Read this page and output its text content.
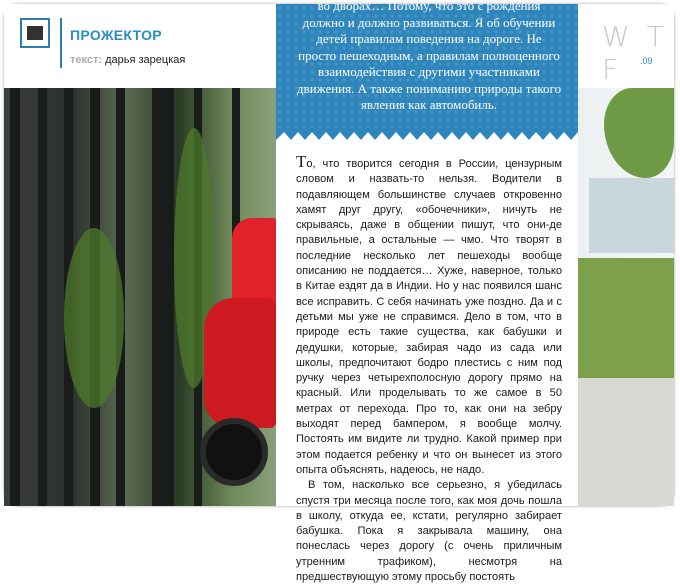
ПРОЖЕКТОР
текст: дарья зарецкая
W T F	.09
во дворах… Потому, что это с рождения должно и должно развиваться. Я об обучении детей правилам поведения на дороге. Не просто пешеходным, а правилам полноценного взаимодействия с другими участниками движения. А также пониманию природы такого явления как автомобиль.

То, что творится сегодня в России, цензурным словом и назвать-то нельзя. Водители в подавляющем большинстве случаев откровенно хамят друг другу, «обочечники», ничуть не скрываясь, даже в общении пишут, что они-де правильные, а остальные — чмо. Что творят в последние несколько лет пешеходы вообще описанию не поддается… Хуже, наверное, только в Китае ездят да в Индии. Но у нас появился шанс все исправить. С себя начинать уже поздно. Да и с детьми мы уже не справимся. Дело в том, что в природе есть такие существа, как бабушки и дедушки, которые, забирая чадо из сада или школы, предпочитают бодро плестись с ним под ручку через четырехполосную дорогу прямо на красный. Или проделывать то же самое в 50 метрах от перехода. Про то, как они на зебру выходят перед бампером, я вообще молчу. Постоять им видите ли трудно. Какой пример при этом подается ребенку и что он вынесет из этого опыта объяснять, надеюсь, не надо.

В том, насколько все серьезно, я убедилась спустя три месяца после того, как моя дочь пошла в школу, откуда ее, кстати, регулярно забирает бабушка. Пока я закрывала машину, она понеслась через дорогу (с очень приличным утренним трафиком), несмотря на предшествующую этому просьбу постоять
